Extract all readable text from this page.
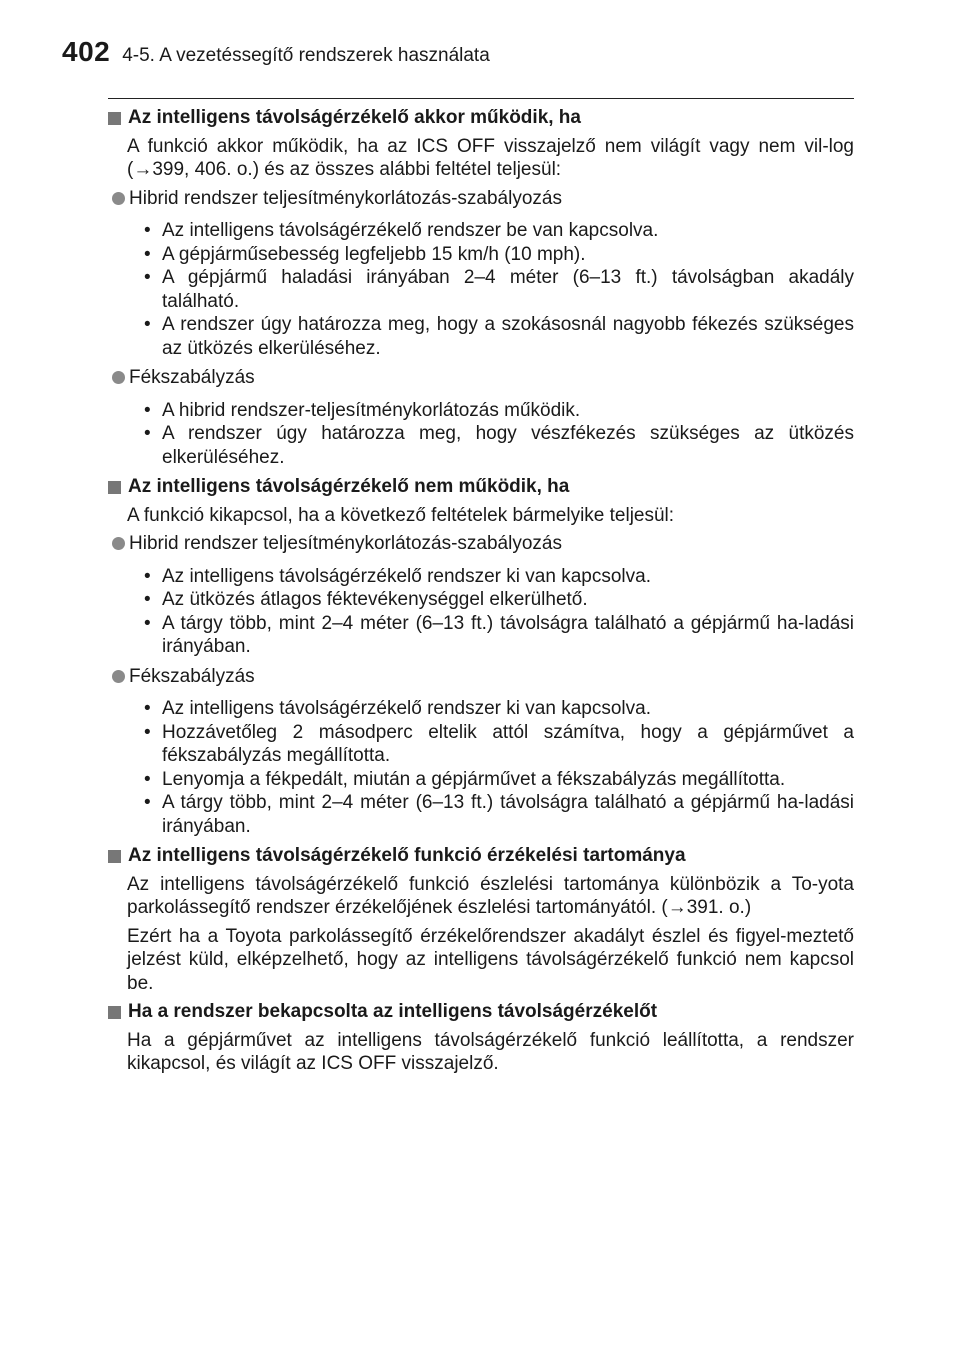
402 4-5. A vezetéssegítő rendszerek használata
Az intelligens távolságérzékelő akkor működik, ha

A funkció akkor működik, ha az ICS OFF visszajelző nem világít vagy nem vil-log (→399, 406. o.) és az összes alábbi feltétel teljesül:

Hibrid rendszer teljesítménykorlátozás-szabályozás
• Az intelligens távolságérzékelő rendszer be van kapcsolva.
• A gépjárműsebesség legfeljebb 15 km/h (10 mph).
• A gépjármű haladási irányában 2–4 méter (6–13 ft.) távolságban akadály található.
• A rendszer úgy határozza meg, hogy a szokásosnál nagyobb fékezés szükséges az ütközés elkerüléséhez.
Fékszabályzás
• A hibrid rendszer-teljesítménykorlátozás működik.
• A rendszer úgy határozza meg, hogy vészfékezés szükséges az ütközés elkerüléséhez.
Az intelligens távolságérzékelő nem működik, ha

A funkció kikapcsol, ha a következő feltételek bármelyike teljesül:

Hibrid rendszer teljesítménykorlátozás-szabályozás
• Az intelligens távolságérzékelő rendszer ki van kapcsolva.
• Az ütközés átlagos féktevékenységgel elkerülhető.
• A tárgy több, mint 2–4 méter (6–13 ft.) távolságra található a gépjármű ha-ladási irányában.
Fékszabályzás
• Az intelligens távolságérzékelő rendszer ki van kapcsolva.
• Hozzávetőleg 2 másodperc eltelik attól számítva, hogy a gépjárművet a fékszabályzás megállította.
• Lenyomja a fékpedált, miután a gépjárművet a fékszabályzás megállította.
• A tárgy több, mint 2–4 méter (6–13 ft.) távolságra található a gépjármű ha-ladási irányában.
Az intelligens távolságérzékelő funkció érzékelési tartománya

Az intelligens távolságérzékelő funkció észlelési tartománya különbözik a To-yota parkolássegítő rendszer érzékelőjének észlelési tartományától. (→391. o.)

Ezért ha a Toyota parkolássegítő érzékelőrendszer akadályt észlel és figyel-meztető jelzést küld, elképzelhető, hogy az intelligens távolságérzékelő funkció nem kapcsol be.

Ha a rendszer bekapcsolta az intelligens távolságérzékelőt

Ha a gépjárművet az intelligens távolságérzékelő funkció leállította, a rendszer kikapcsol, és világít az ICS OFF visszajelző.
